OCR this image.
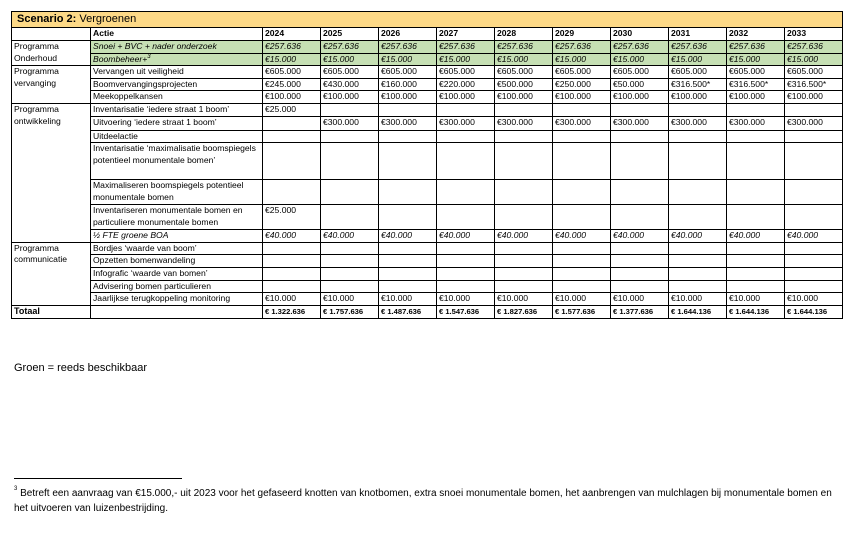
Scenario 2: Vergroenen											
	Actie	2024	2025	2026	2027	2028	2029	2030	2031	2032	2033
Programma Onderhoud	Snoei + BVC + nader onderzoek	€257.636	€257.636	€257.636	€257.636	€257.636	€257.636	€257.636	€257.636	€257.636	€257.636
	Boombeheer+$^3$	€15.000	€15.000	€15.000	€15.000	€15.000	€15.000	€15.000	€15.000	€15.000	€15.000
Programma vervanging	Vervangen uit veiligheid	€605.000	€605.000	€605.000	€605.000	€605.000	€605.000	€605.000	€605.000	€605.000	€605.000
	Boomvervangingsprojecten	€245.000	€430.000	€160.000	€220.000	€500.000	€250.000	€50.000	€316.500*	€316.500*	€316.500*
	Meekoppelkansen	€100.000	€100.000	€100.000	€100.000	€100.000	€100.000	€100.000	€100.000	€100.000	€100.000
Programma ontwikkeling	Inventarisatie ‘iedere straat 1 boom’	€25.000									
	Uitvoering ‘iedere straat 1 boom’		€300.000	€300.000	€300.000	€300.000	€300.000	€300.000	€300.000	€300.000	€300.000
	Uitdeelactie										
	Inventarisatie ‘maximalisatie boomspiegels potentieel monumentale bomen’										
	Maximaliseren boomspiegels potentieel monumentale bomen										
	Inventariseren monumentale bomen en particuliere monumentale bomen	€25.000									
	½ FTE groene BOA	€40.000	€40.000	€40.000	€40.000	€40.000	€40.000	€40.000	€40.000	€40.000	€40.000
Programma communicatie	Bordjes ‘waarde van boom’										
	Opzetten bomenwandeling										
	Infografic ‘waarde van bomen’										
	Advisering bomen particulieren										
	Jaarlijkse terugkoppeling monitoring	€10.000	€10.000	€10.000	€10.000	€10.000	€10.000	€10.000	€10.000	€10.000	€10.000
Totaal		€ 1.322.636	€ 1.757.636	€ 1.487.636	€ 1.547.636	€ 1.827.636	€ 1.577.636	€ 1.377.636	€ 1.644.136	€ 1.644.136	€ 1.644.136
Groen = reeds beschikbaar
$^3$ Betreft een aanvraag van €15.000,- uit 2023 voor het gefaseerd knotten van knotbomen, extra snoei monumentale bomen, het aanbrengen van mulchlagen bij monumentale bomen en het uitvoeren van luizenbestrijding.
